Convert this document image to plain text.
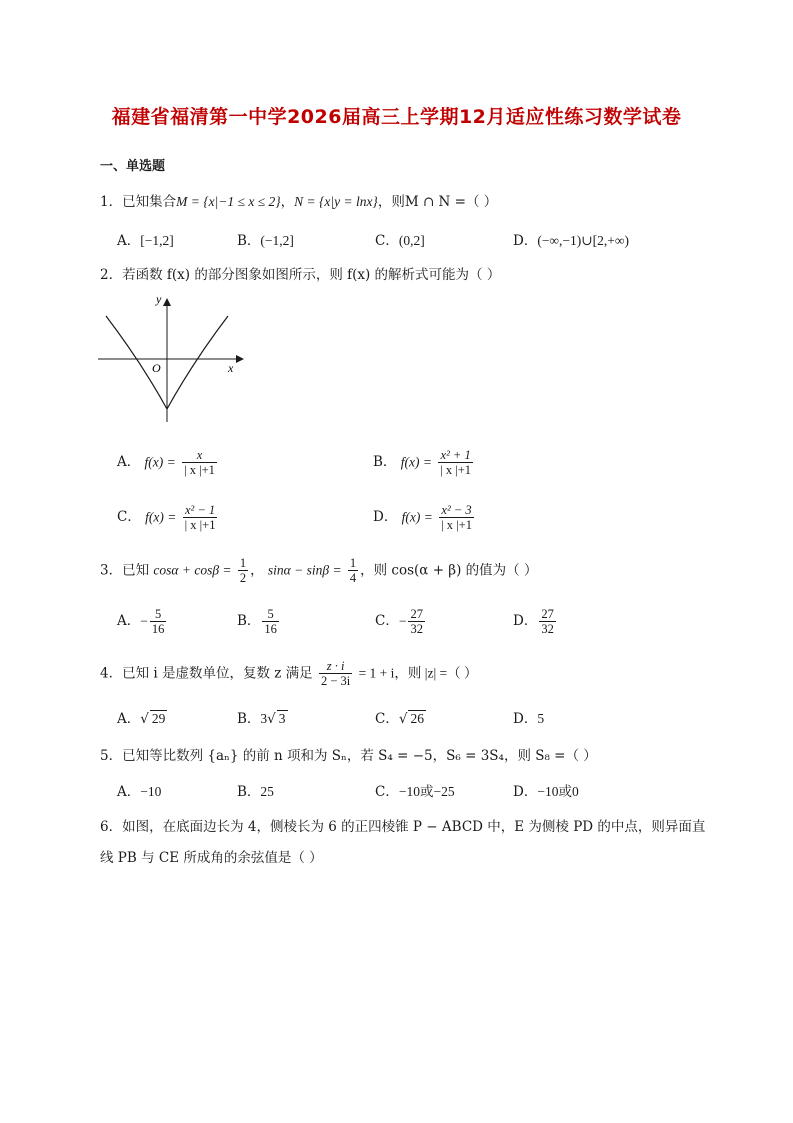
福建省福清第一中学2026届高三上学期12月适应性练习数学试卷
一、单选题
1．已知集合M = {x|−1 ≤ x ≤ 2}，N = {x|y = lnx}，则M ∩ N =（ ）
A．[−1,2]	B．(−1,2]	C．(0,2]	D．(−∞,−1)∪[2,+∞)
2．若函数 f(x) 的部分图象如图所示，则 f(x) 的解析式可能为（ ）
y
x
O
A． $f(x) = \frac{x}{| x |+1}$	B． $f(x) = \frac{\text{x² + 1}}{| x |+1}$
C． $f(x) = \frac{\text{x² − 1}}{| x |+1}$	D． $f(x) = \frac{\text{x² − 3}}{| x |+1}$
3．已知 $\cos\alpha + \cos\beta = \frac{1}{2}$ ， $\sin\alpha - \sin\beta = \frac{1}{4}$ ，则 cos(α + β) 的值为（ ）
A．− $\frac{5}{16}$	B． $\frac{5}{16}$	C．− $\frac{27}{32}$	D． $\frac{27}{32}$
4．已知 i 是虚数单位，复数 z 满足 $\frac{z \cdot i}{2 - 3i} = 1 + i$，则 |z| =（ ）
A．√ 29	B．3√ 3	C．√ 26	D．5
5．已知等比数列 {aₙ} 的前 n 项和为 Sₙ，若 S₄ = −5，S₆ = 3S₄，则 S₈ =（ ）
A．−10	B．25	C．−10或−25	D．−10或0
6．如图，在底面边长为 4，侧棱长为 6 的正四棱锥 P − ABCD 中，E 为侧棱 PD 的中点，则异面直
线 PB 与 CE 所成角的余弦值是（ ）
